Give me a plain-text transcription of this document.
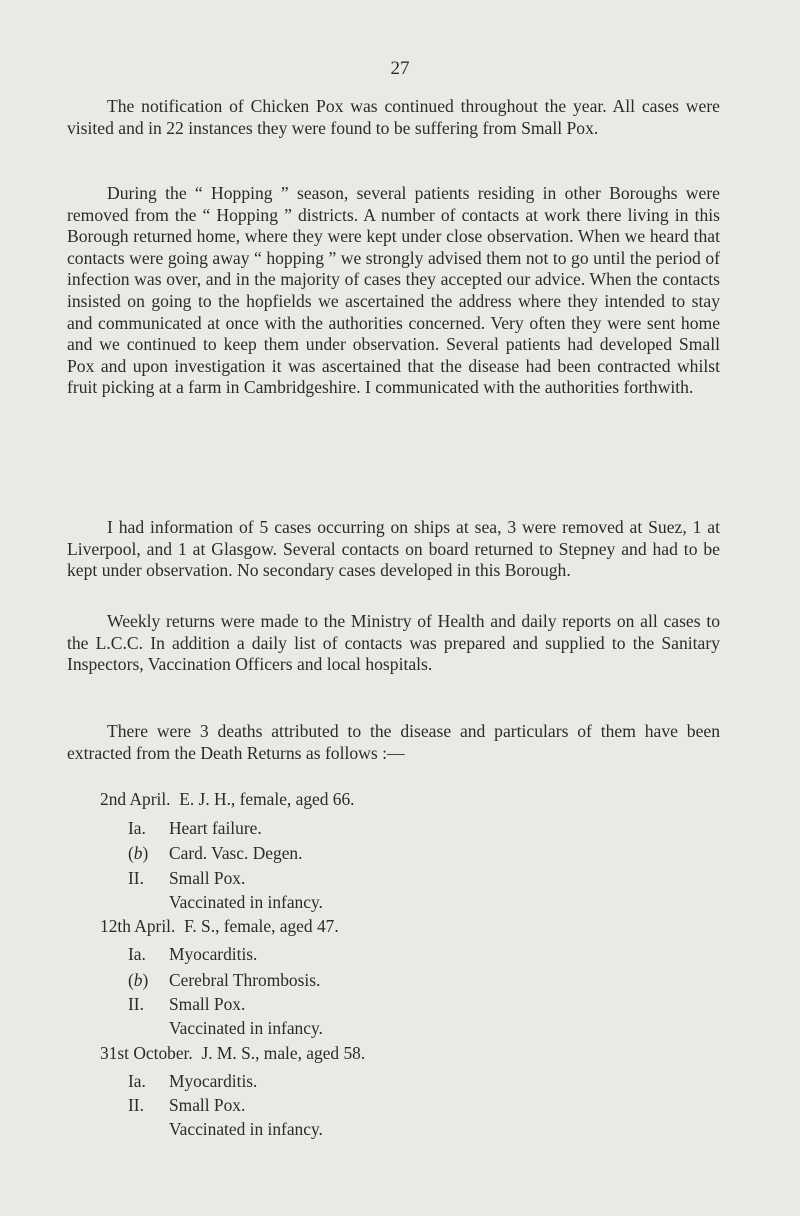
27

The notification of Chicken Pox was continued throughout the year. All cases were visited and in 22 instances they were found to be suffering from Small Pox.

During the “ Hopping ” season, several patients residing in other Boroughs were removed from the “ Hopping ” districts. A number of contacts at work there living in this Borough returned home, where they were kept under close observation. When we heard that contacts were going away “ hopping ” we strongly advised them not to go until the period of infection was over, and in the majority of cases they accepted our advice. When the contacts insisted on going to the hopfields we ascertained the address where they intended to stay and communicated at once with the authorities concerned. Very often they were sent home and we continued to keep them under observation. Several patients had developed Small Pox and upon investigation it was ascertained that the disease had been contracted whilst fruit picking at a farm in Cambridgeshire. I communicated with the authorities forthwith.

I had information of 5 cases occurring on ships at sea, 3 were removed at Suez, 1 at Liverpool, and 1 at Glasgow. Several contacts on board returned to Stepney and had to be kept under observation. No secondary cases developed in this Borough.

Weekly returns were made to the Ministry of Health and daily reports on all cases to the L.C.C. In addition a daily list of contacts was prepared and supplied to the Sanitary Inspectors, Vaccination Officers and local hospitals.

There were 3 deaths attributed to the disease and particulars of them have been extracted from the Death Returns as follows :—

2nd April. E. J. H., female, aged 66.
Ia. Heart failure.
(b) Card. Vasc. Degen.
II. Small Pox.
Vaccinated in infancy.
12th April. F. S., female, aged 47.
Ia. Myocarditis.
(b) Cerebral Thrombosis.
II. Small Pox.
Vaccinated in infancy.
31st October. J. M. S., male, aged 58.
Ia. Myocarditis.
II. Small Pox.
Vaccinated in infancy.
